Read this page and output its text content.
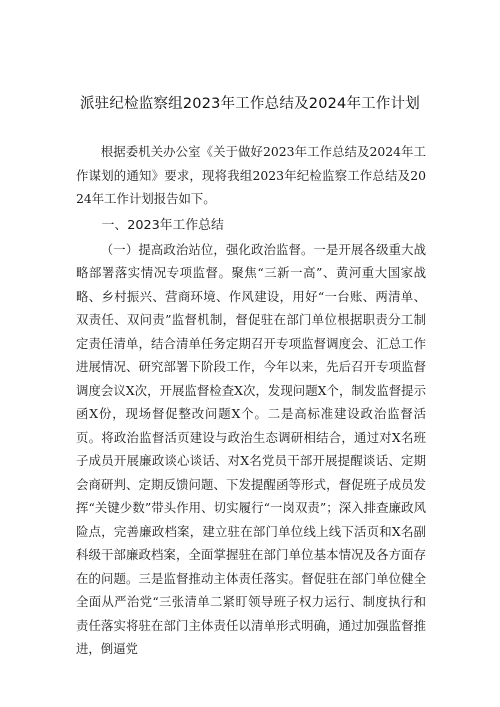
派驻纪检监察组2023年工作总结及2024年工作计划

根据委机关办公室《关于做好2023年工作总结及2024年工作谋划的通知》要求，现将我组2023年纪检监察工作总结及2024年工作计划报告如下。

一、2023年工作总结

（一）提高政治站位，强化政治监督。一是开展各级重大战略部署落实情况专项监督。聚焦“三新一高”、黄河重大国家战略、乡村振兴、营商环境、作风建设，用好“一台账、两清单、双责任、双问责”监督机制，督促驻在部门单位根据职责分工制定责任清单，结合清单任务定期召开专项监督调度会、汇总工作进展情况、研究部署下阶段工作，今年以来，先后召开专项监督调度会议X次，开展监督检查X次，发现问题X个，制发监督提示函X份，现场督促整改问题X个。二是高标准建设政治监督活页。将政治监督活页建设与政治生态调研相结合，通过对X名班子成员开展廉政谈心谈话、对X名党员干部开展提醒谈话、定期会商研判、定期反馈问题、下发提醒函等形式，督促班子成员发挥“关键少数”带头作用、切实履行“一岗双责”；深入排查廉政风险点，完善廉政档案，建立驻在部门单位线上线下活页和X名副科级干部廉政档案，全面掌握驻在部门单位基本情况及各方面存在的问题。三是监督推动主体责任落实。督促驻在部门单位健全全面从严治党“三张清单二紧盯领导班子权力运行、制度执行和责任落实将驻在部门主体责任以清单形式明确，通过加强监督推进，倒逼党
